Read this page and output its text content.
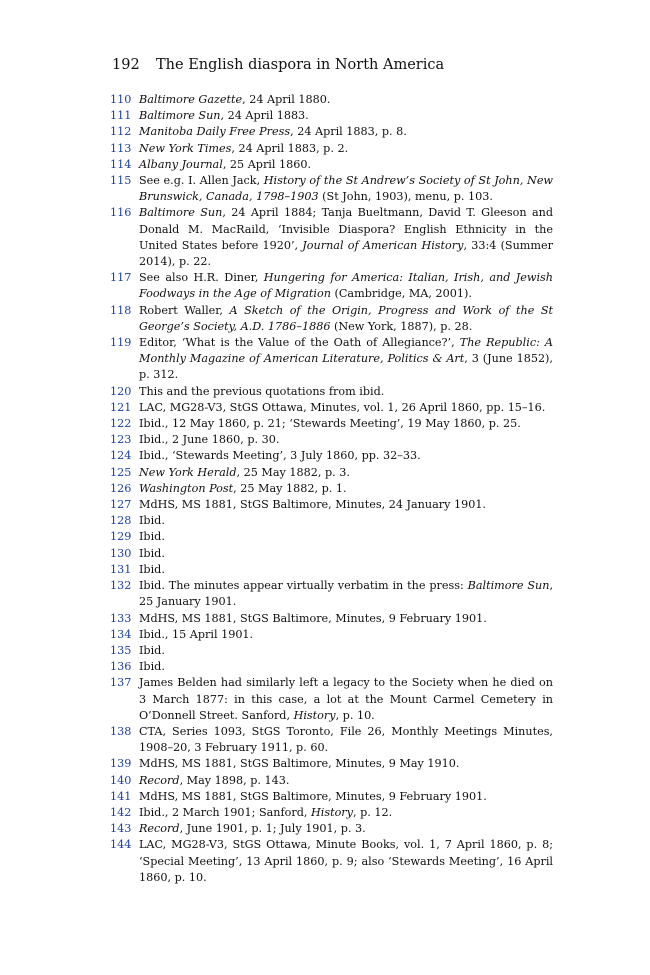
192 The English diaspora in North America
110 Baltimore Gazette, 24 April 1880.
111 Baltimore Sun, 24 April 1883.
112 Manitoba Daily Free Press, 24 April 1883, p. 8.
113 New York Times, 24 April 1883, p. 2.
114 Albany Journal, 25 April 1860.
115 See e.g. I. Allen Jack, History of the St Andrew’s Society of St John, New Brunswick, Canada, 1798–1903 (St John, 1903), menu, p. 103.
116 Baltimore Sun, 24 April 1884; Tanja Bueltmann, David T. Gleeson and Donald M. MacRaild, ‘Invisible Diaspora? English Ethnicity in the United States before 1920’, Journal of American History, 33:4 (Summer 2014), p. 22.
117 See also H.R. Diner, Hungering for America: Italian, Irish, and Jewish Foodways in the Age of Migration (Cambridge, MA, 2001).
118 Robert Waller, A Sketch of the Origin, Progress and Work of the St George’s Society, A.D. 1786–1886 (New York, 1887), p. 28.
119 Editor, ‘What is the Value of the Oath of Allegiance?’, The Republic: A Monthly Magazine of American Literature, Politics & Art, 3 (June 1852), p. 312.
120 This and the previous quotations from ibid.
121 LAC, MG28-V3, StGS Ottawa, Minutes, vol. 1, 26 April 1860, pp. 15–16.
122 Ibid., 12 May 1860, p. 21; ‘Stewards Meeting’, 19 May 1860, p. 25.
123 Ibid., 2 June 1860, p. 30.
124 Ibid., ‘Stewards Meeting’, 3 July 1860, pp. 32–33.
125 New York Herald, 25 May 1882, p. 3.
126 Washington Post, 25 May 1882, p. 1.
127 MdHS, MS 1881, StGS Baltimore, Minutes, 24 January 1901.
128 Ibid.
129 Ibid.
130 Ibid.
131 Ibid.
132 Ibid. The minutes appear virtually verbatim in the press: Baltimore Sun, 25 January 1901.
133 MdHS, MS 1881, StGS Baltimore, Minutes, 9 February 1901.
134 Ibid., 15 April 1901.
135 Ibid.
136 Ibid.
137 James Belden had similarly left a legacy to the Society when he died on 3 March 1877: in this case, a lot at the Mount Carmel Cemetery in O’Donnell Street. Sanford, History, p. 10.
138 CTA, Series 1093, StGS Toronto, File 26, Monthly Meetings Minutes, 1908–20, 3 February 1911, p. 60.
139 MdHS, MS 1881, StGS Baltimore, Minutes, 9 May 1910.
140 Record, May 1898, p. 143.
141 MdHS, MS 1881, StGS Baltimore, Minutes, 9 February 1901.
142 Ibid., 2 March 1901; Sanford, History, p. 12.
143 Record, June 1901, p. 1; July 1901, p. 3.
144 LAC, MG28-V3, StGS Ottawa, Minute Books, vol. 1, 7 April 1860, p. 8; ‘Special Meeting’, 13 April 1860, p. 9; also ‘Stewards Meeting’, 16 April 1860, p. 10.
